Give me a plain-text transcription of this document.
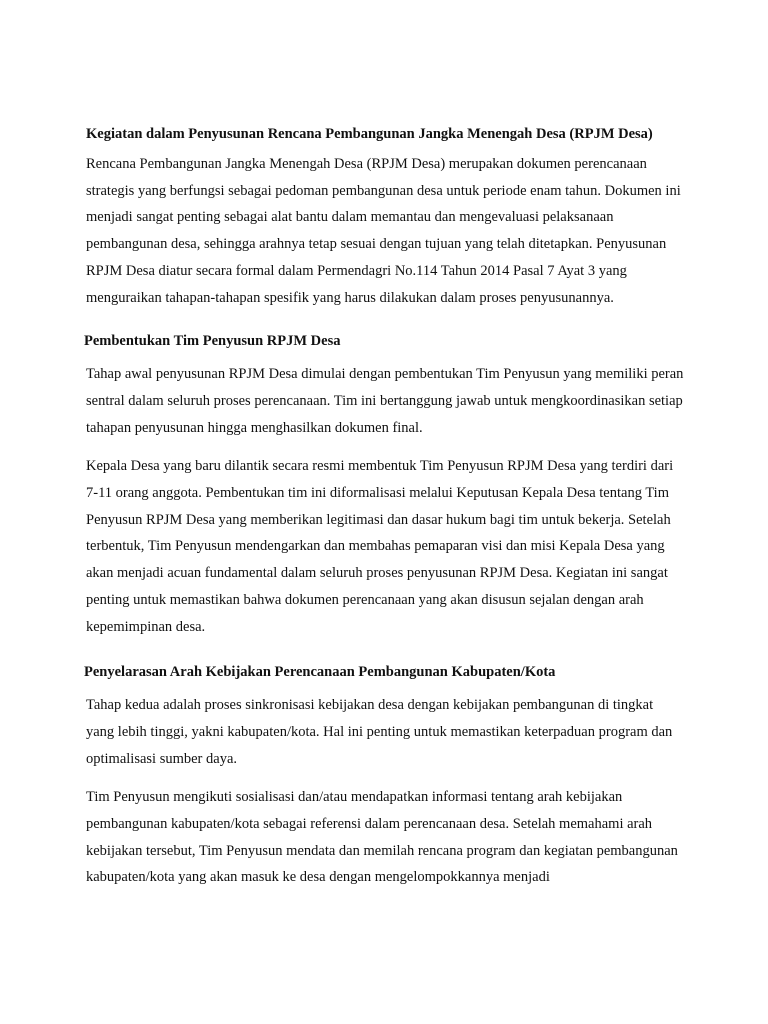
Kegiatan dalam Penyusunan Rencana Pembangunan Jangka Menengah Desa (RPJM Desa)

Rencana Pembangunan Jangka Menengah Desa (RPJM Desa) merupakan dokumen perencanaan strategis yang berfungsi sebagai pedoman pembangunan desa untuk periode enam tahun. Dokumen ini menjadi sangat penting sebagai alat bantu dalam memantau dan mengevaluasi pelaksanaan pembangunan desa, sehingga arahnya tetap sesuai dengan tujuan yang telah ditetapkan. Penyusunan RPJM Desa diatur secara formal dalam Permendagri No.114 Tahun 2014 Pasal 7 Ayat 3 yang menguraikan tahapan-tahapan spesifik yang harus dilakukan dalam proses penyusunannya.

Pembentukan Tim Penyusun RPJM Desa

Tahap awal penyusunan RPJM Desa dimulai dengan pembentukan Tim Penyusun yang memiliki peran sentral dalam seluruh proses perencanaan. Tim ini bertanggung jawab untuk mengkoordinasikan setiap tahapan penyusunan hingga menghasilkan dokumen final.

Kepala Desa yang baru dilantik secara resmi membentuk Tim Penyusun RPJM Desa yang terdiri dari 7-11 orang anggota. Pembentukan tim ini diformalisasi melalui Keputusan Kepala Desa tentang Tim Penyusun RPJM Desa yang memberikan legitimasi dan dasar hukum bagi tim untuk bekerja. Setelah terbentuk, Tim Penyusun mendengarkan dan membahas pemaparan visi dan misi Kepala Desa yang akan menjadi acuan fundamental dalam seluruh proses penyusunan RPJM Desa. Kegiatan ini sangat penting untuk memastikan bahwa dokumen perencanaan yang akan disusun sejalan dengan arah kepemimpinan desa.

Penyelarasan Arah Kebijakan Perencanaan Pembangunan Kabupaten/Kota

Tahap kedua adalah proses sinkronisasi kebijakan desa dengan kebijakan pembangunan di tingkat yang lebih tinggi, yakni kabupaten/kota. Hal ini penting untuk memastikan keterpaduan program dan optimalisasi sumber daya.

Tim Penyusun mengikuti sosialisasi dan/atau mendapatkan informasi tentang arah kebijakan pembangunan kabupaten/kota sebagai referensi dalam perencanaan desa. Setelah memahami arah kebijakan tersebut, Tim Penyusun mendata dan memilah rencana program dan kegiatan pembangunan kabupaten/kota yang akan masuk ke desa dengan mengelompokkannya menjadi
